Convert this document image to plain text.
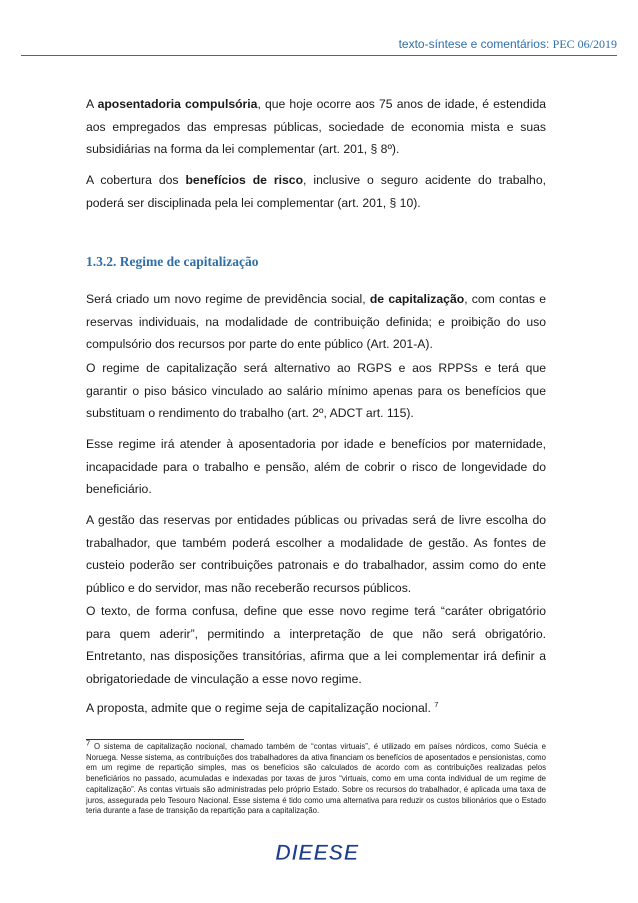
texto-síntese e comentários: PEC 06/2019

A aposentadoria compulsória, que hoje ocorre aos 75 anos de idade, é estendida aos empregados das empresas públicas, sociedade de economia mista e suas subsidiárias na forma da lei complementar (art. 201, § 8º).

A cobertura dos benefícios de risco, inclusive o seguro acidente do trabalho, poderá ser disciplinada pela lei complementar (art. 201, § 10).

1.3.2. Regime de capitalização

Será criado um novo regime de previdência social, de capitalização, com contas e reservas individuais, na modalidade de contribuição definida; e proibição do uso compulsório dos recursos por parte do ente público (Art. 201-A).

O regime de capitalização será alternativo ao RGPS e aos RPPSs e terá que garantir o piso básico vinculado ao salário mínimo apenas para os benefícios que substituam o rendimento do trabalho (art. 2º, ADCT art. 115).

Esse regime irá atender à aposentadoria por idade e benefícios por maternidade, incapacidade para o trabalho e pensão, além de cobrir o risco de longevidade do beneficiário.

A gestão das reservas por entidades públicas ou privadas será de livre escolha do trabalhador, que também poderá escolher a modalidade de gestão. As fontes de custeio poderão ser contribuições patronais e do trabalhador, assim como do ente público e do servidor, mas não receberão recursos públicos.

O texto, de forma confusa, define que esse novo regime terá “caráter obrigatório para quem aderir”, permitindo a interpretação de que não será obrigatório. Entretanto, nas disposições transitórias, afirma que a lei complementar irá definir a obrigatoriedade de vinculação a esse novo regime.

A proposta, admite que o regime seja de capitalização nocional. $^7$

7 O sistema de capitalização nocional, chamado também de “contas virtuais”, é utilizado em países nórdicos, como Suécia e Noruega. Nesse sistema, as contribuições dos trabalhadores da ativa financiam os benefícios de aposentados e pensionistas, como em um regime de repartição simples, mas os benefícios são calculados de acordo com as contribuições realizadas pelos beneficiários no passado, acumuladas e indexadas por taxas de juros “virtuais, como em uma conta individual de um regime de capitalização”. As contas virtuais são administradas pelo próprio Estado. Sobre os recursos do trabalhador, é aplicada uma taxa de juros, assegurada pelo Tesouro Nacional. Esse sistema é tido como uma alternativa para reduzir os custos bilionários que o Estado teria durante a fase de transição da repartição para a capitalização.

DIEESE
